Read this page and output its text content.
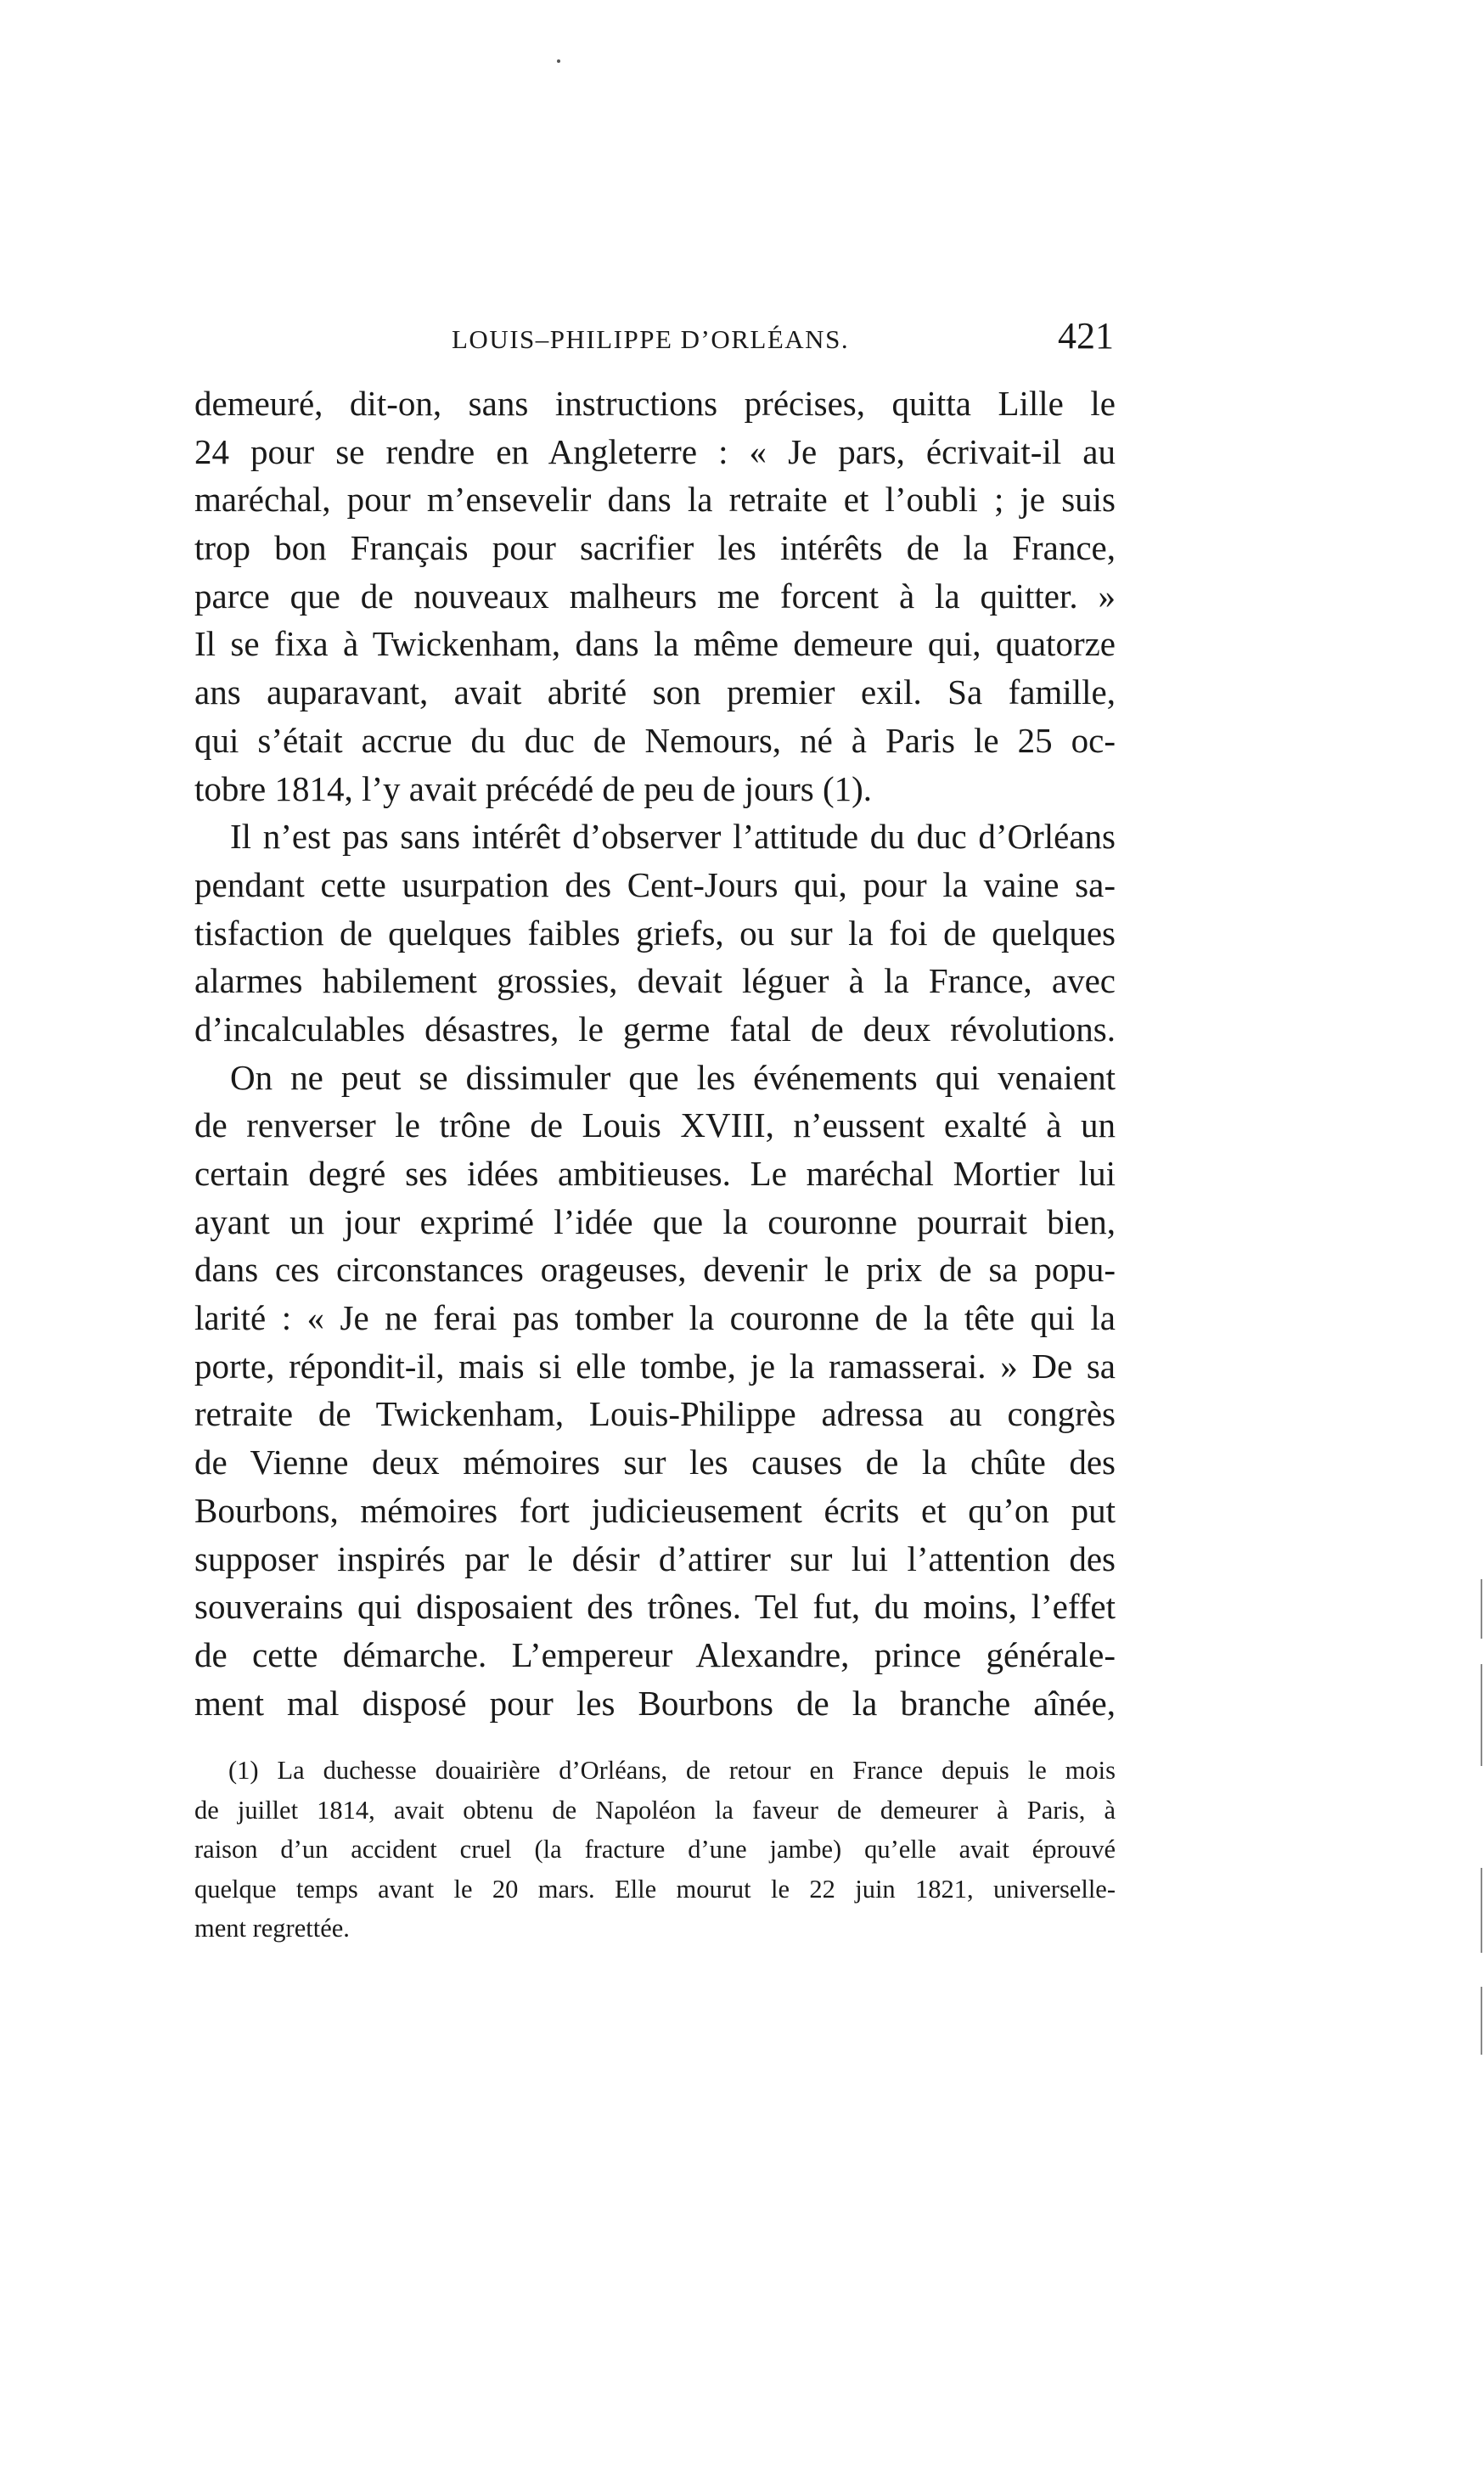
LOUIS–PHILIPPE D’ORLÉANS.	421
demeuré, dit-on, sans instructions précises, quitta Lille le
24 pour se rendre en Angleterre : « Je pars, écrivait-il au
maréchal, pour m’ensevelir dans la retraite et l’oubli ; je suis
trop bon Français pour sacrifier les intérêts de la France,
parce que de nouveaux malheurs me forcent à la quitter. »
Il se fixa à Twickenham, dans la même demeure qui, quatorze
ans auparavant, avait abrité son premier exil. Sa famille,
qui s’était accrue du duc de Nemours, né à Paris le 25 oc-
tobre 1814, l’y avait précédé de peu de jours (1).
Il n’est pas sans intérêt d’observer l’attitude du duc d’Orléans
pendant cette usurpation des Cent-Jours qui, pour la vaine sa-
tisfaction de quelques faibles griefs, ou sur la foi de quelques
alarmes habilement grossies, devait léguer à la France, avec
d’incalculables désastres, le germe fatal de deux révolutions.
On ne peut se dissimuler que les événements qui venaient
de renverser le trône de Louis XVIII, n’eussent exalté à un
certain degré ses idées ambitieuses. Le maréchal Mortier lui
ayant un jour exprimé l’idée que la couronne pourrait bien,
dans ces circonstances orageuses, devenir le prix de sa popu-
larité : « Je ne ferai pas tomber la couronne de la tête qui la
porte, répondit-il, mais si elle tombe, je la ramasserai. » De sa
retraite de Twickenham, Louis-Philippe adressa au congrès
de Vienne deux mémoires sur les causes de la chûte des
Bourbons, mémoires fort judicieusement écrits et qu’on put
supposer inspirés par le désir d’attirer sur lui l’attention des
souverains qui disposaient des trônes. Tel fut, du moins, l’effet
de cette démarche. L’empereur Alexandre, prince générale-
ment mal disposé pour les Bourbons de la branche aînée,
(1) La duchesse douairière d’Orléans, de retour en France depuis le mois
de juillet 1814, avait obtenu de Napoléon la faveur de demeurer à Paris, à
raison d’un accident cruel (la fracture d’une jambe) qu’elle avait éprouvé
quelque temps avant le 20 mars. Elle mourut le 22 juin 1821, universelle-
ment regrettée.
